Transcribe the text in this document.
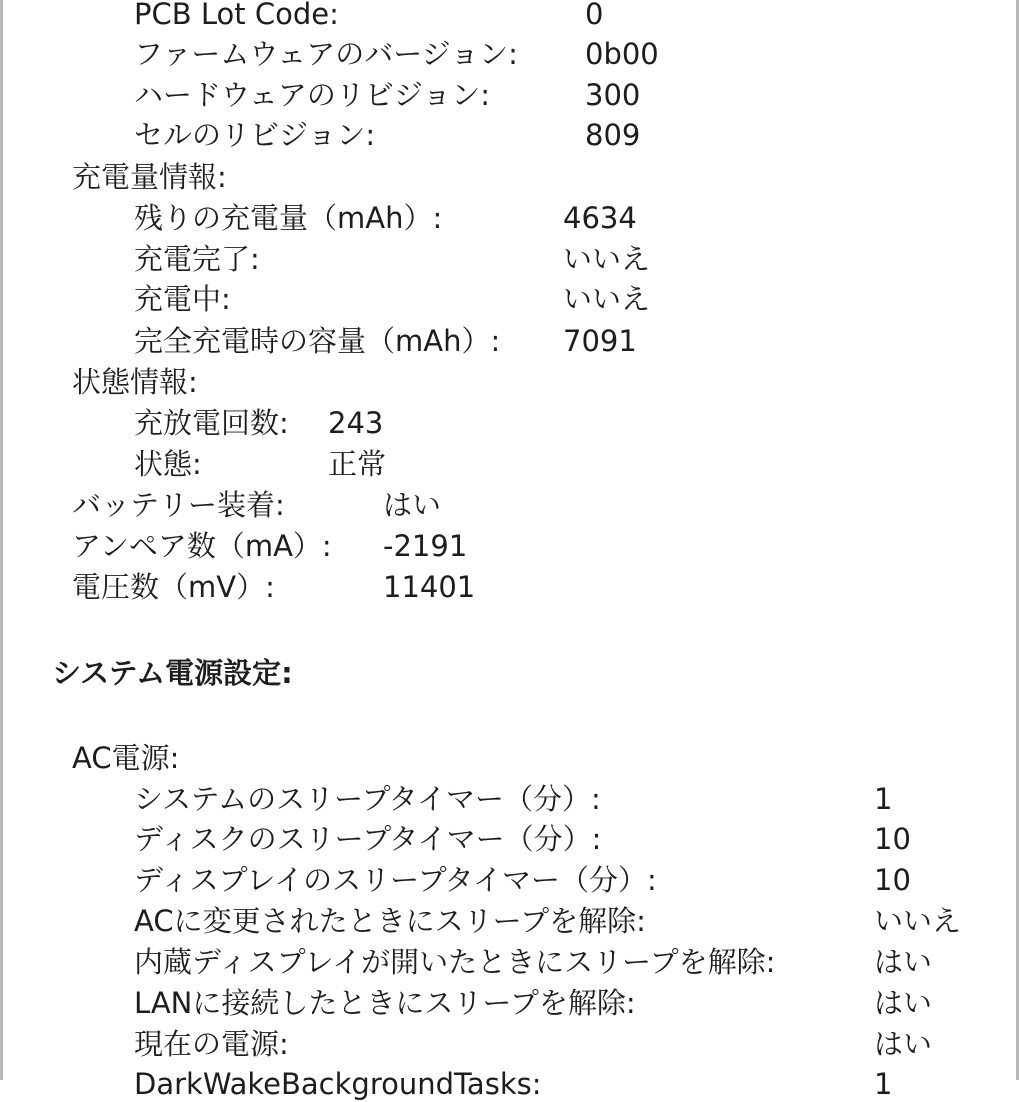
PCB Lot Code:	0
ファームウェアのバージョン: 0b00
ハードウェアのリビジョン:	300
セルのリビジョン:	809
充電量情報:
残りの充電量（mAh）:	4634
充電完了:	いいえ
充電中:	いいえ
完全充電時の容量（mAh）: 7091
状態情報:
充放電回数: 243
状態:	正常
バッテリー装着:	はい
アンペア数（mA）: -2191
電圧数（mV）:	11401
システム電源設定:
AC電源:
システムのスリープタイマー（分）:	1
ディスクのスリープタイマー（分）:	10
ディスプレイのスリープタイマー（分）:	10
ACに変更されたときにスリープを解除:	いいえ
内蔵ディスプレイが開いたときにスリープを解除:	はい
LANに接続したときにスリープを解除:	はい
現在の電源:	はい
DarkWakeBackgroundTasks:	1
